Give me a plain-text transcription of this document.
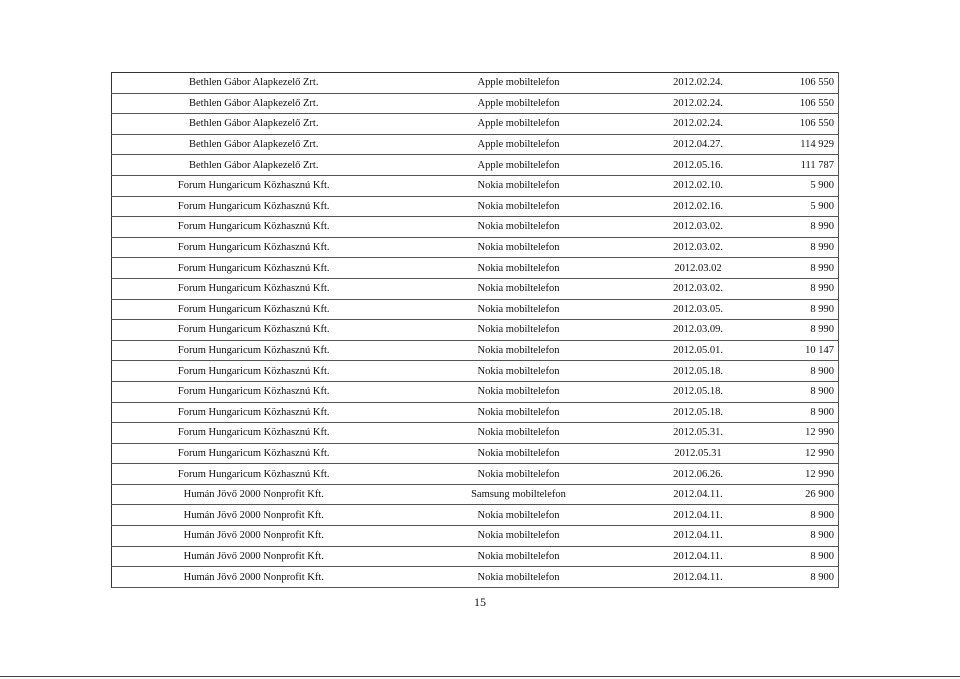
Bethlen Gábor Alapkezelő Zrt.	Apple mobiltelefon	2012.02.24.	106 550
Bethlen Gábor Alapkezelő Zrt.	Apple mobiltelefon	2012.02.24.	106 550
Bethlen Gábor Alapkezelő Zrt.	Apple mobiltelefon	2012.02.24.	106 550
Bethlen Gábor Alapkezelő Zrt.	Apple mobiltelefon	2012.04.27.	114 929
Bethlen Gábor Alapkezelő Zrt.	Apple mobiltelefon	2012.05.16.	111 787
Forum Hungaricum Közhasznú Kft.	Nokia mobiltelefon	2012.02.10.	5 900
Forum Hungaricum Közhasznú Kft.	Nokia mobiltelefon	2012.02.16.	5 900
Forum Hungaricum Közhasznú Kft.	Nokia mobiltelefon	2012.03.02.	8 990
Forum Hungaricum Közhasznú Kft.	Nokia mobiltelefon	2012.03.02.	8 990
Forum Hungaricum Közhasznú Kft.	Nokia mobiltelefon	2012.03.02	8 990
Forum Hungaricum Közhasznú Kft.	Nokia mobiltelefon	2012.03.02.	8 990
Forum Hungaricum Közhasznú Kft.	Nokia mobiltelefon	2012.03.05.	8 990
Forum Hungaricum Közhasznú Kft.	Nokia mobiltelefon	2012.03.09.	8 990
Forum Hungaricum Közhasznú Kft.	Nokia mobiltelefon	2012.05.01.	10 147
Forum Hungaricum Közhasznú Kft.	Nokia mobiltelefon	2012.05.18.	8 900
Forum Hungaricum Közhasznú Kft.	Nokia mobiltelefon	2012.05.18.	8 900
Forum Hungaricum Közhasznú Kft.	Nokia mobiltelefon	2012.05.18.	8 900
Forum Hungaricum Közhasznú Kft.	Nokia mobiltelefon	2012.05.31.	12 990
Forum Hungaricum Közhasznú Kft.	Nokia mobiltelefon	2012.05.31	12 990
Forum Hungaricum Közhasznú Kft.	Nokia mobiltelefon	2012.06.26.	12 990
Humán Jövő 2000 Nonprofit Kft.	Samsung mobiltelefon	2012.04.11.	26 900
Humán Jövő 2000 Nonprofit Kft.	Nokia mobiltelefon	2012.04.11.	8 900
Humán Jövő 2000 Nonprofit Kft.	Nokia mobiltelefon	2012.04.11.	8 900
Humán Jövő 2000 Nonprofit Kft.	Nokia mobiltelefon	2012.04.11.	8 900
Humán Jövő 2000 Nonprofit Kft.	Nokia mobiltelefon	2012.04.11.	8 900
15
